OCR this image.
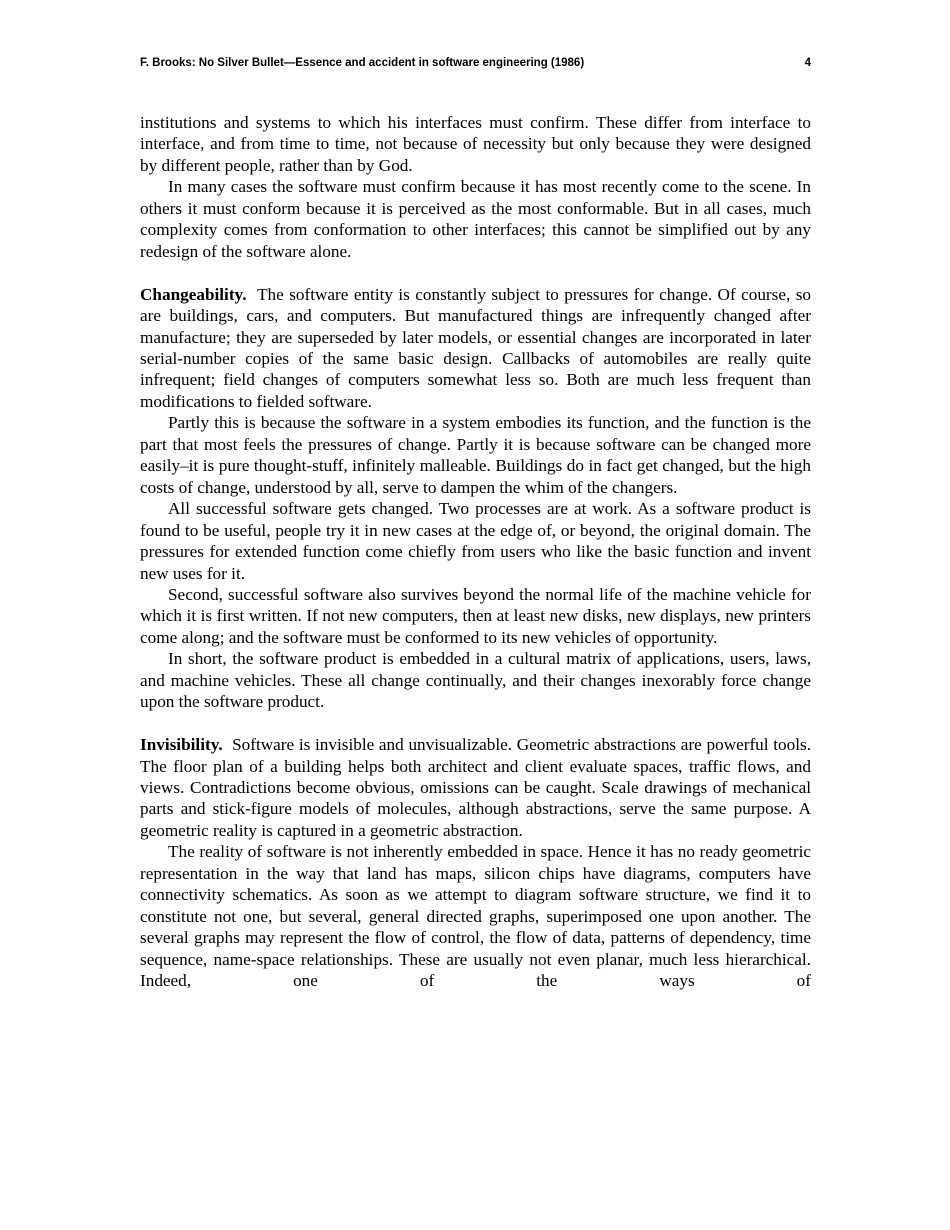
F. Brooks: No Silver Bullet—Essence and accident in software engineering (1986)	4

institutions and systems to which his interfaces must confirm. These differ from interface to interface, and from time to time, not because of necessity but only because they were designed by different people, rather than by God.

In many cases the software must confirm because it has most recently come to the scene. In others it must conform because it is perceived as the most conformable. But in all cases, much complexity comes from conformation to other interfaces; this cannot be simplified out by any redesign of the software alone.

Changeability. The software entity is constantly subject to pressures for change. Of course, so are buildings, cars, and computers. But manufactured things are infrequently changed after manufacture; they are superseded by later models, or essential changes are incorporated in later serial-number copies of the same basic design. Callbacks of automobiles are really quite infrequent; field changes of computers somewhat less so. Both are much less frequent than modifications to fielded software.

Partly this is because the software in a system embodies its function, and the function is the part that most feels the pressures of change. Partly it is because software can be changed more easily–it is pure thought-stuff, infinitely malleable. Buildings do in fact get changed, but the high costs of change, understood by all, serve to dampen the whim of the changers.

All successful software gets changed. Two processes are at work. As a software product is found to be useful, people try it in new cases at the edge of, or beyond, the original domain. The pressures for extended function come chiefly from users who like the basic function and invent new uses for it.

Second, successful software also survives beyond the normal life of the machine vehicle for which it is first written. If not new computers, then at least new disks, new displays, new printers come along; and the software must be conformed to its new vehicles of opportunity.

In short, the software product is embedded in a cultural matrix of applications, users, laws, and machine vehicles. These all change continually, and their changes inexorably force change upon the software product.

Invisibility. Software is invisible and unvisualizable. Geometric abstractions are powerful tools. The floor plan of a building helps both architect and client evaluate spaces, traffic flows, and views. Contradictions become obvious, omissions can be caught. Scale drawings of mechanical parts and stick-figure models of molecules, although abstractions, serve the same purpose. A geometric reality is captured in a geometric abstraction.

The reality of software is not inherently embedded in space. Hence it has no ready geometric representation in the way that land has maps, silicon chips have diagrams, computers have connectivity schematics. As soon as we attempt to diagram software structure, we find it to constitute not one, but several, general directed graphs, superimposed one upon another. The several graphs may represent the flow of control, the flow of data, patterns of dependency, time sequence, name-space relationships. These are usually not even planar, much less hierarchical. Indeed, one of the ways of
